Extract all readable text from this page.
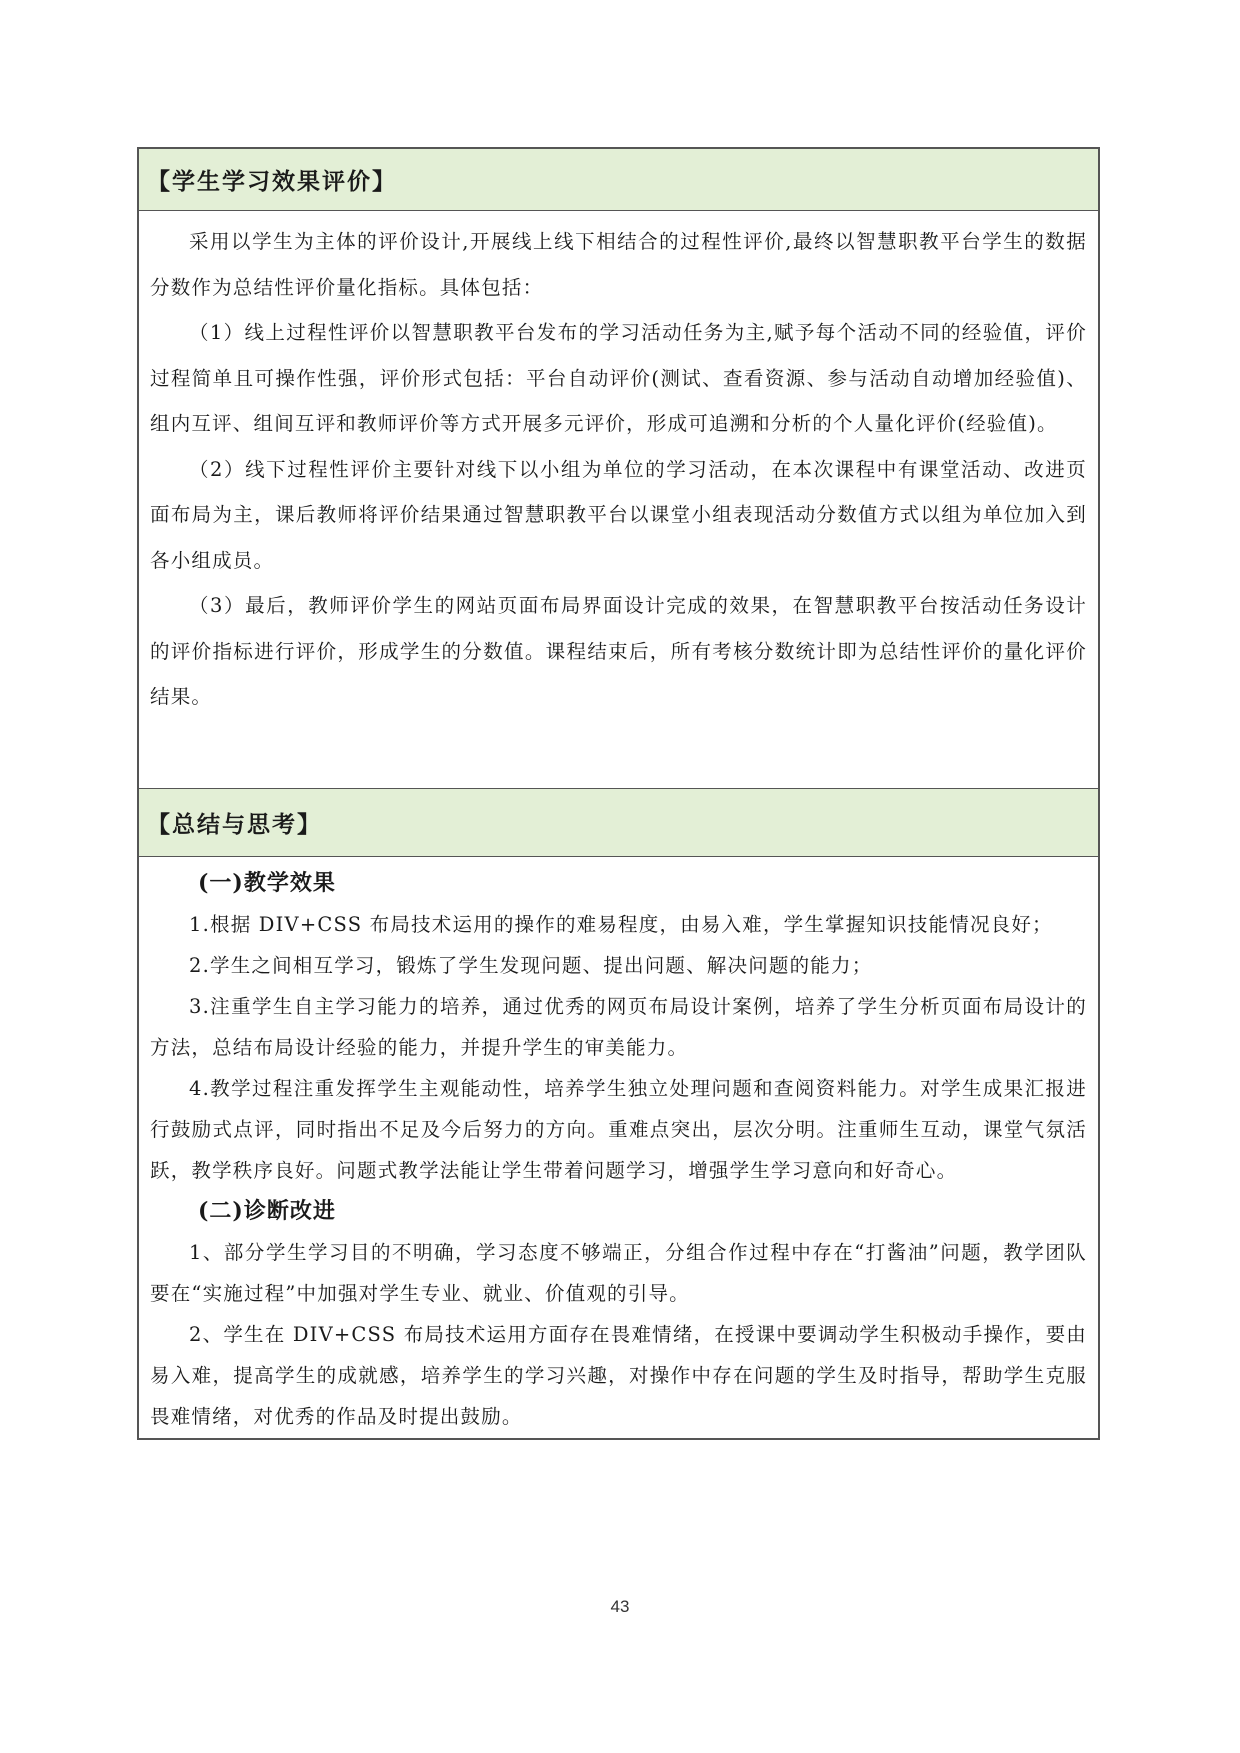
【学生学习效果评价】

采用以学生为主体的评价设计,开展线上线下相结合的过程性评价,最终以智慧职教平台学生的数据分数作为总结性评价量化指标。具体包括：

（1）线上过程性评价以智慧职教平台发布的学习活动任务为主,赋予每个活动不同的经验值，评价过程简单且可操作性强，评价形式包括：平台自动评价(测试、查看资源、参与活动自动增加经验值)、组内互评、组间互评和教师评价等方式开展多元评价，形成可追溯和分析的个人量化评价(经验值)。

（2）线下过程性评价主要针对线下以小组为单位的学习活动，在本次课程中有课堂活动、改进页面布局为主，课后教师将评价结果通过智慧职教平台以课堂小组表现活动分数值方式以组为单位加入到各小组成员。

（3）最后，教师评价学生的网站页面布局界面设计完成的效果，在智慧职教平台按活动任务设计的评价指标进行评价，形成学生的分数值。课程结束后，所有考核分数统计即为总结性评价的量化评价结果。

【总结与思考】
(一)教学效果

1.根据 DIV+CSS 布局技术运用的操作的难易程度，由易入难，学生掌握知识技能情况良好；

2.学生之间相互学习，锻炼了学生发现问题、提出问题、解决问题的能力；

3.注重学生自主学习能力的培养，通过优秀的网页布局设计案例，培养了学生分析页面布局设计的方法，总结布局设计经验的能力，并提升学生的审美能力。

4.教学过程注重发挥学生主观能动性，培养学生独立处理问题和查阅资料能力。对学生成果汇报进行鼓励式点评，同时指出不足及今后努力的方向。重难点突出，层次分明。注重师生互动，课堂气氛活跃，教学秩序良好。问题式教学法能让学生带着问题学习，增强学生学习意向和好奇心。

(二)诊断改进

1、部分学生学习目的不明确，学习态度不够端正，分组合作过程中存在“打酱油”问题，教学团队要在“实施过程”中加强对学生专业、就业、价值观的引导。

2、学生在 DIV+CSS 布局技术运用方面存在畏难情绪，在授课中要调动学生积极动手操作，要由易入难，提高学生的成就感，培养学生的学习兴趣，对操作中存在问题的学生及时指导，帮助学生克服畏难情绪，对优秀的作品及时提出鼓励。

43
